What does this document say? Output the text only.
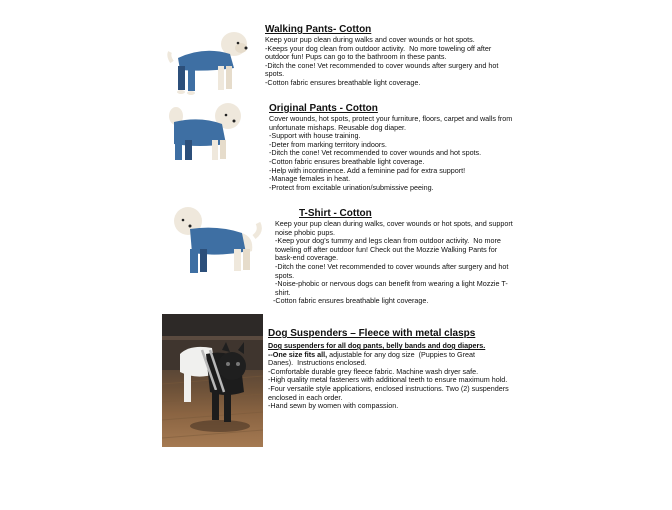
Walking Pants- Cotton

Keep your pup clean during walks and cover wounds or hot spots.

-Keeps your dog clean from outdoor activity.  No more toweling off after

outdoor fun! Pups can go to the bathroom in these pants.

-Ditch the cone! Vet recommended to cover wounds after surgery and hot

spots.

-Cotton fabric ensures breathable light coverage.

Original Pants - Cotton

Cover wounds, hot spots, protect your furniture, floors, carpet and walls from

unfortunate mishaps. Reusable dog diaper.

-Support with house training.

-Deter from marking territory indoors.

-Ditch the cone! Vet recommended to cover wounds and hot spots.

-Cotton fabric ensures breathable light coverage.

-Help with incontinence. Add a feminine pad for extra support!

-Manage females in heat.

-Protect from excitable urination/submissive peeing.

T-Shirt - Cotton

Keep your pup clean during walks, cover wounds or hot spots, and support

noise phobic pups.

-Keep your dog’s tummy and legs clean from outdoor activity.  No more

toweling off after outdoor fun! Check out the Mozzie Walking Pants for

bask-end coverage.

-Ditch the cone! Vet recommended to cover wounds after surgery and hot

spots.

-Noise-phobic or nervous dogs can benefit from wearing a light Mozzie T-

shirt.

-Cotton fabric ensures breathable light coverage.

Dog Suspenders – Fleece with metal clasps

Dog suspenders for all dog pants, belly bands and dog diapers.

--One size fits all, adjustable for any dog size  (Puppies to Great

Danes).  Instructions enclosed.

-Comfortable durable grey fleece fabric. Machine wash dryer safe.

-High quality metal fasteners with additional teeth to ensure maximum hold.

-Four versatile style applications, enclosed instructions. Two (2) suspenders

enclosed in each order.

-Hand sewn by women with compassion.
